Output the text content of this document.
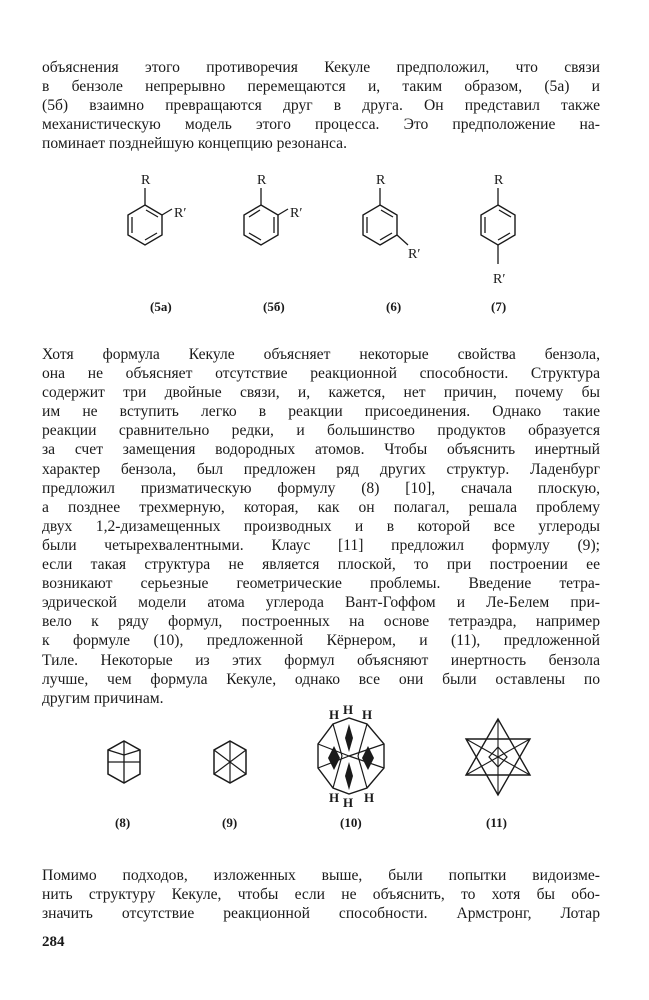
объяснения этого противоречия Кекуле предположил, что связи
в бензоле непрерывно перемещаются и, таким образом, (5а) и
(5б) взаимно превращаются друг в друга. Он представил также
механистическую модель этого процесса. Это предположение на-
поминает позднейшую концепцию резонанса.
R
R′
R
R′
R
R′
R
R′
(5а)	(5б)	(6)	(7)
Хотя формула Кекуле объясняет некоторые свойства бензола,
она не объясняет отсутствие реакционной способности. Структура
содержит три двойные связи, и, кажется, нет причин, почему бы
им не вступить легко в реакции присоединения. Однако такие
реакции сравнительно редки, и большинство продуктов образуется
за счет замещения водородных атомов. Чтобы объяснить инертный
характер бензола, был предложен ряд других структур. Ладенбург
предложил призматическую формулу (8) [10], сначала плоскую,
а позднее трехмерную, которая, как он полагал, решала проблему
двух 1,2-дизамещенных производных и в которой все углероды
были четырехвалентными. Клаус [11] предложил формулу (9);
если такая структура не является плоской, то при построении ее
возникают серьезные геометрические проблемы. Введение тетра-
эдрической модели атома углерода Вант-Гоффом и Ле-Белем при-
вело к ряду формул, построенных на основе тетраэдра, например
к формуле (10), предложенной Кёрнером, и (11), предложенной
Тиле. Некоторые из этих формул объясняют инертность бензола
лучше, чем формула Кекуле, однако все они были оставлены по
другим причинам.
H H H
H H H
(8)	(9)	(10)	(11)
Помимо подходов, изложенных выше, были попытки видоизме-
нить структуру Кекуле, чтобы если не объяснить, то хотя бы обо-
значить отсутствие реакционной способности. Армстронг, Лотар
284
